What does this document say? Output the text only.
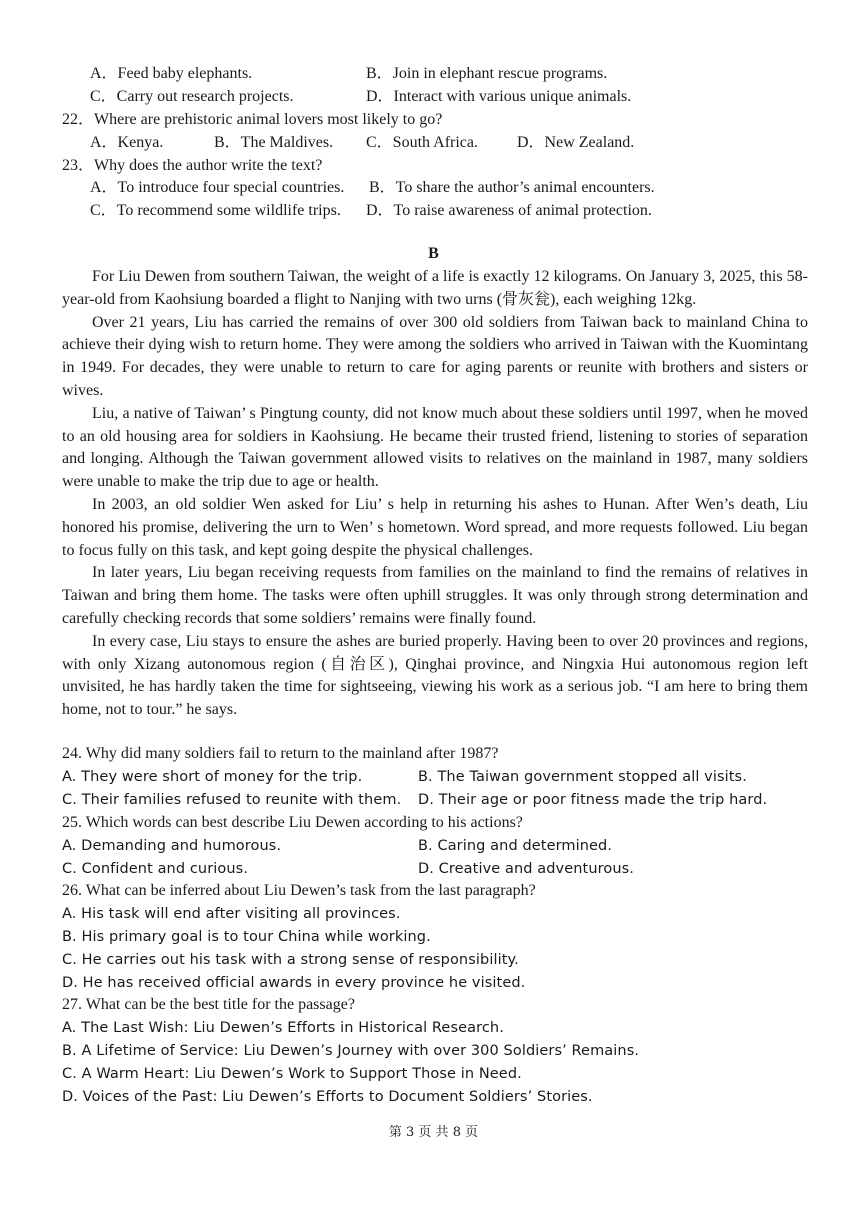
A．Feed baby elephants.	B．Join in elephant rescue programs.
C．Carry out research projects.	D．Interact with various unique animals.
22．Where are prehistoric animal lovers most likely to go?
A．Kenya.	B．The Maldives. C．South Africa. D．New Zealand.
23．Why does the author write the text?
A．To introduce four special countries. B．To share the author’s animal encounters.
C．To recommend some wildlife trips. D．To raise awareness of animal protection.
B

For Liu Dewen from southern Taiwan, the weight of a life is exactly 12 kilograms. On January 3, 2025, this 58-year-old from Kaohsiung boarded a flight to Nanjing with two urns (骨灰瓮), each weighing 12kg.

Over 21 years, Liu has carried the remains of over 300 old soldiers from Taiwan back to mainland China to achieve their dying wish to return home. They were among the soldiers who arrived in Taiwan with the Kuomintang in 1949. For decades, they were unable to return to care for aging parents or reunite with brothers and sisters or wives.

Liu, a native of Taiwan’ s Pingtung county, did not know much about these soldiers until 1997, when he moved to an old housing area for soldiers in Kaohsiung. He became their trusted friend, listening to stories of separation and longing. Although the Taiwan government allowed visits to relatives on the mainland in 1987, many soldiers were unable to make the trip due to age or health.

In 2003, an old soldier Wen asked for Liu’ s help in returning his ashes to Hunan. After Wen’s death, Liu honored his promise, delivering the urn to Wen’ s hometown. Word spread, and more requests followed. Liu began to focus fully on this task, and kept going despite the physical challenges.

In later years, Liu began receiving requests from families on the mainland to find the remains of relatives in Taiwan and bring them home. The tasks were often uphill struggles. It was only through strong determination and carefully checking records that some soldiers’ remains were finally found.

In every case, Liu stays to ensure the ashes are buried properly. Having been to over 20 provinces and regions, with only Xizang autonomous region (自治区), Qinghai province, and Ningxia Hui autonomous region left unvisited, he has hardly taken the time for sightseeing, viewing his work as a serious job. “I am here to bring them home, not to tour.” he says.

24. Why did many soldiers fail to return to the mainland after 1987?
A. They were short of money for the trip.	B. The Taiwan government stopped all visits.
C. Their families refused to reunite with them. D. Their age or poor fitness made the trip hard.
25. Which words can best describe Liu Dewen according to his actions?
A. Demanding and humorous.	B. Caring and determined.
C. Confident and curious.	D. Creative and adventurous.
26. What can be inferred about Liu Dewen’s task from the last paragraph?
A. His task will end after visiting all provinces.
B. His primary goal is to tour China while working.
C. He carries out his task with a strong sense of responsibility.
D. He has received official awards in every province he visited.
27. What can be the best title for the passage?
A. The Last Wish: Liu Dewen’s Efforts in Historical Research.
B. A Lifetime of Service: Liu Dewen’s Journey with over 300 Soldiers’ Remains.
C. A Warm Heart: Liu Dewen’s Work to Support Those in Need.
D. Voices of the Past: Liu Dewen’s Efforts to Document Soldiers’ Stories.
第 3 页 共 8 页
